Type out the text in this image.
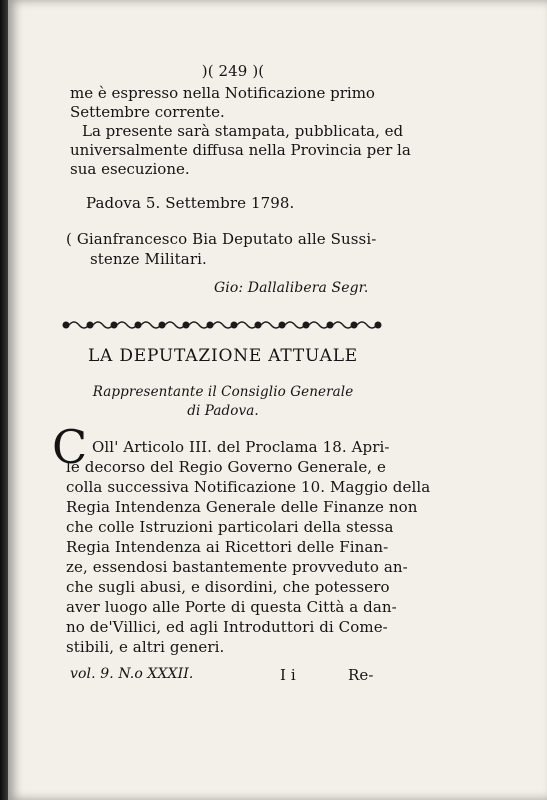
)( 249 )(
me è espresso nella Notificazione primo
Settembre corrente.
La presente sarà stampata, pubblicata, ed
universalmente diffusa nella Provincia per la
sua esecuzione.
Padova 5. Settembre 1798.
( Gianfrancesco Bia Deputato alle Sussi-
stenze Militari.
Gio: Dallalibera Segr.
LA DEPUTAZIONE ATTUALE
Rappresentante il Consiglio Generale
di Padova.
C Oll' Articolo III. del Proclama 18. Apri-
le decorso del Regio Governo Generale, e
colla successiva Notificazione 10. Maggio della
Regia Intendenza Generale delle Finanze non
che colle Istruzioni particolari della stessa
Regia Intendenza ai Ricettori delle Finan-
ze, essendosi bastantemente provveduto an-
che sugli abusi, e disordini, che potessero
aver luogo alle Porte di questa Città a dan-
no de'Villici, ed agli Introduttori di Come-
stibili, e altri generi.
vol. 9. N.o XXXII.	I i	Re-
